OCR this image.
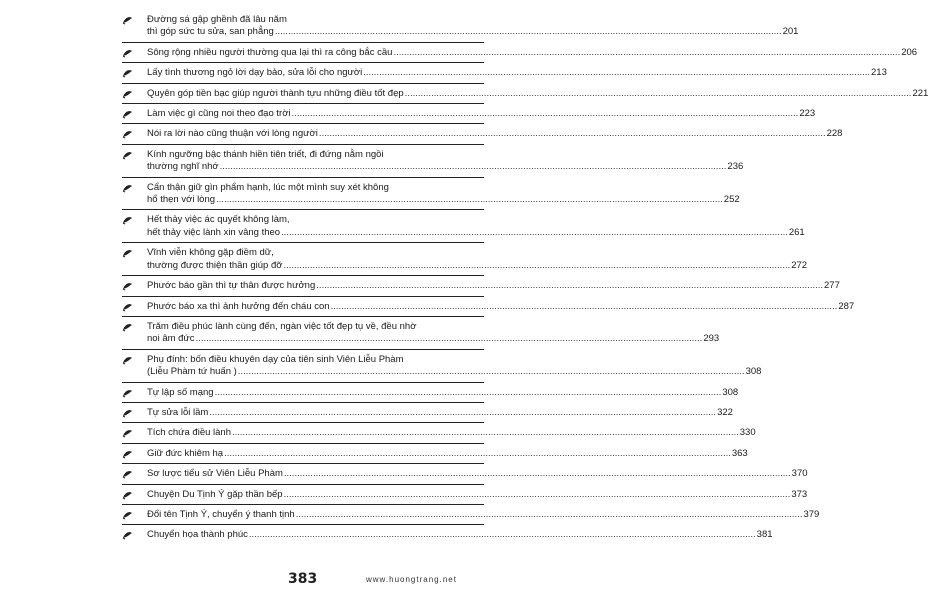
Đường sá gập ghềnh đã lâu năm
thì góp sức tu sửa, san phẳng .....	201
Sông rộng nhiều người thường qua lại thì ra công bắc cầu .....	206
Lấy tình thương ngỏ lời dạy bảo, sửa lỗi cho người .....	213
Quyên góp tiền bạc giúp người thành tựu những điều tốt đẹp .....	221
Làm việc gì cũng noi theo đạo trời .....	223
Nói ra lời nào cũng thuận với lòng người .....	228
Kính ngưỡng bậc thánh hiền tiên triết, đi đứng nằm ngồi
thường nghĩ nhớ .....	236
Cẩn thận giữ gìn phẩm hạnh, lúc một mình suy xét không
hổ thẹn với lòng .....	252
Hết thảy việc ác quyết không làm,
hết thảy việc lành xin vâng theo .....	261
Vĩnh viễn không gặp điềm dữ,
thường được thiện thần giúp đỡ .....	272
Phước báo gần thì tự thân được hưởng .....	277
Phước báo xa thì ảnh hưởng đến cháu con .....	287
Trăm điều phúc lành cùng đến, ngàn việc tốt đẹp tụ về, đều nhờ
noi âm đức .....	293
Phụ đính: bốn điều khuyên dạy của tiên sinh Viên Liễu Phàm
(Liễu Phàm tứ huấn ) .....	308
Tự lập số mạng .....	308
Tự sửa lỗi lầm .....	322
Tích chứa điều lành .....	330
Giữ đức khiêm hạ .....	363
Sơ lược tiểu sử Viên Liễu Phàm .....	370
Chuyện Du Tịnh Ý gặp thần bếp .....	373
Đổi tên Tịnh Ý, chuyển ý thanh tịnh .....	379
Chuyển họa thành phúc .....	381
383	www.huongtrang.net
